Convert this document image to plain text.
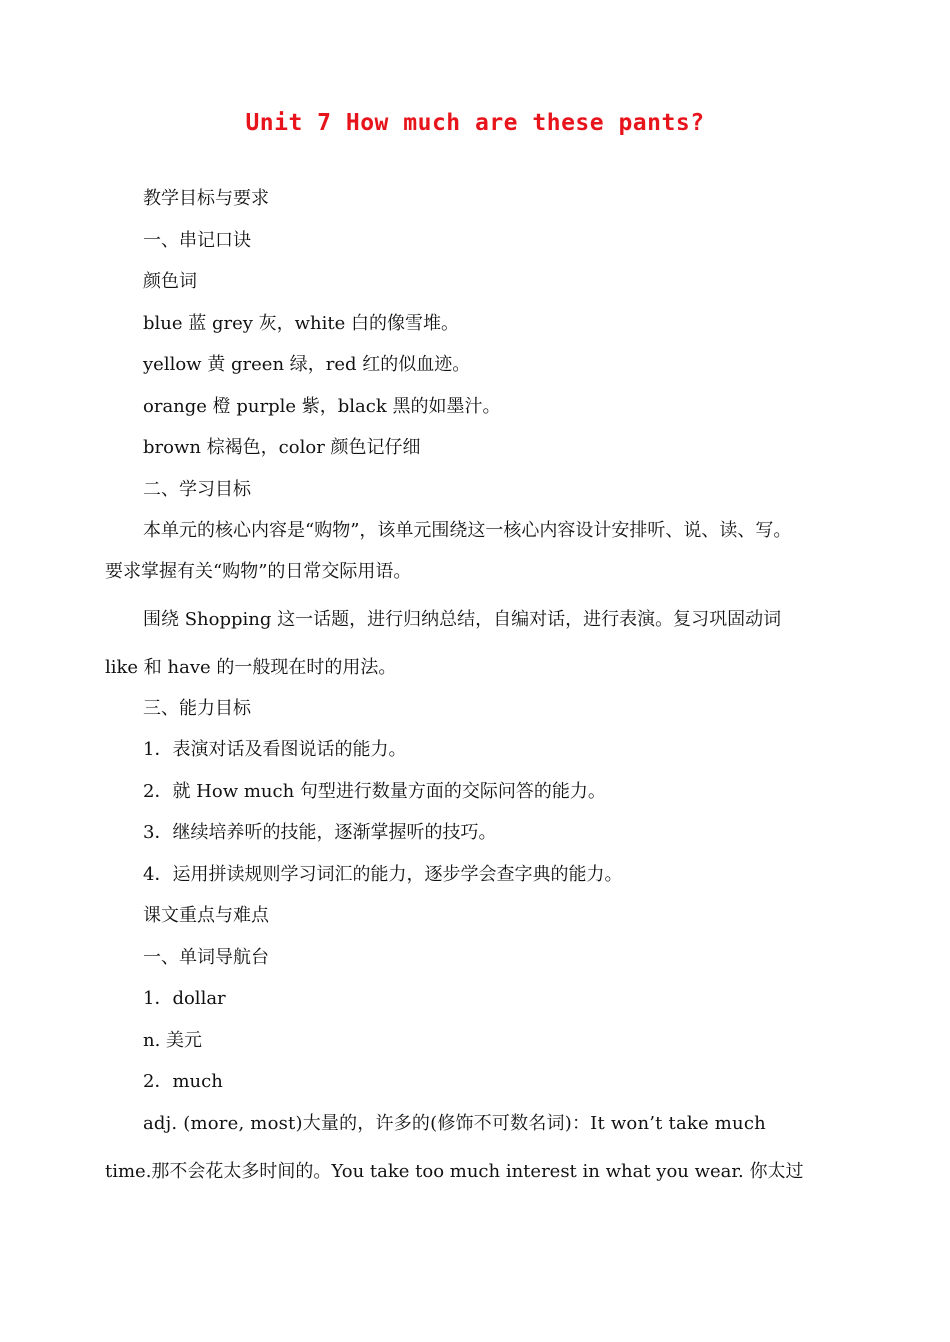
Unit 7 How much are these pants?
教学目标与要求
一、串记口诀
颜色词
blue 蓝 grey 灰，white 白的像雪堆。
yellow 黄 green 绿，red 红的似血迹。
orange 橙 purple 紫，black 黑的如墨汁。
brown 棕褐色，color 颜色记仔细
二、学习目标
本单元的核心内容是“购物”，该单元围绕这一核心内容设计安排听、说、读、写。
要求掌握有关“购物”的日常交际用语。
围绕 Shopping 这一话题，进行归纳总结，自编对话，进行表演。复习巩固动词
like 和 have 的一般现在时的用法。
三、能力目标
1．表演对话及看图说话的能力。
2．就 How much 句型进行数量方面的交际问答的能力。
3．继续培养听的技能，逐渐掌握听的技巧。
4．运用拼读规则学习词汇的能力，逐步学会查字典的能力。
课文重点与难点
一、单词导航台
1．dollar
n. 美元
2．much
adj. (more, most)大量的，许多的(修饰不可数名词)：It won’t take much
time.那不会花太多时间的。You take too much interest in what you wear. 你太过
